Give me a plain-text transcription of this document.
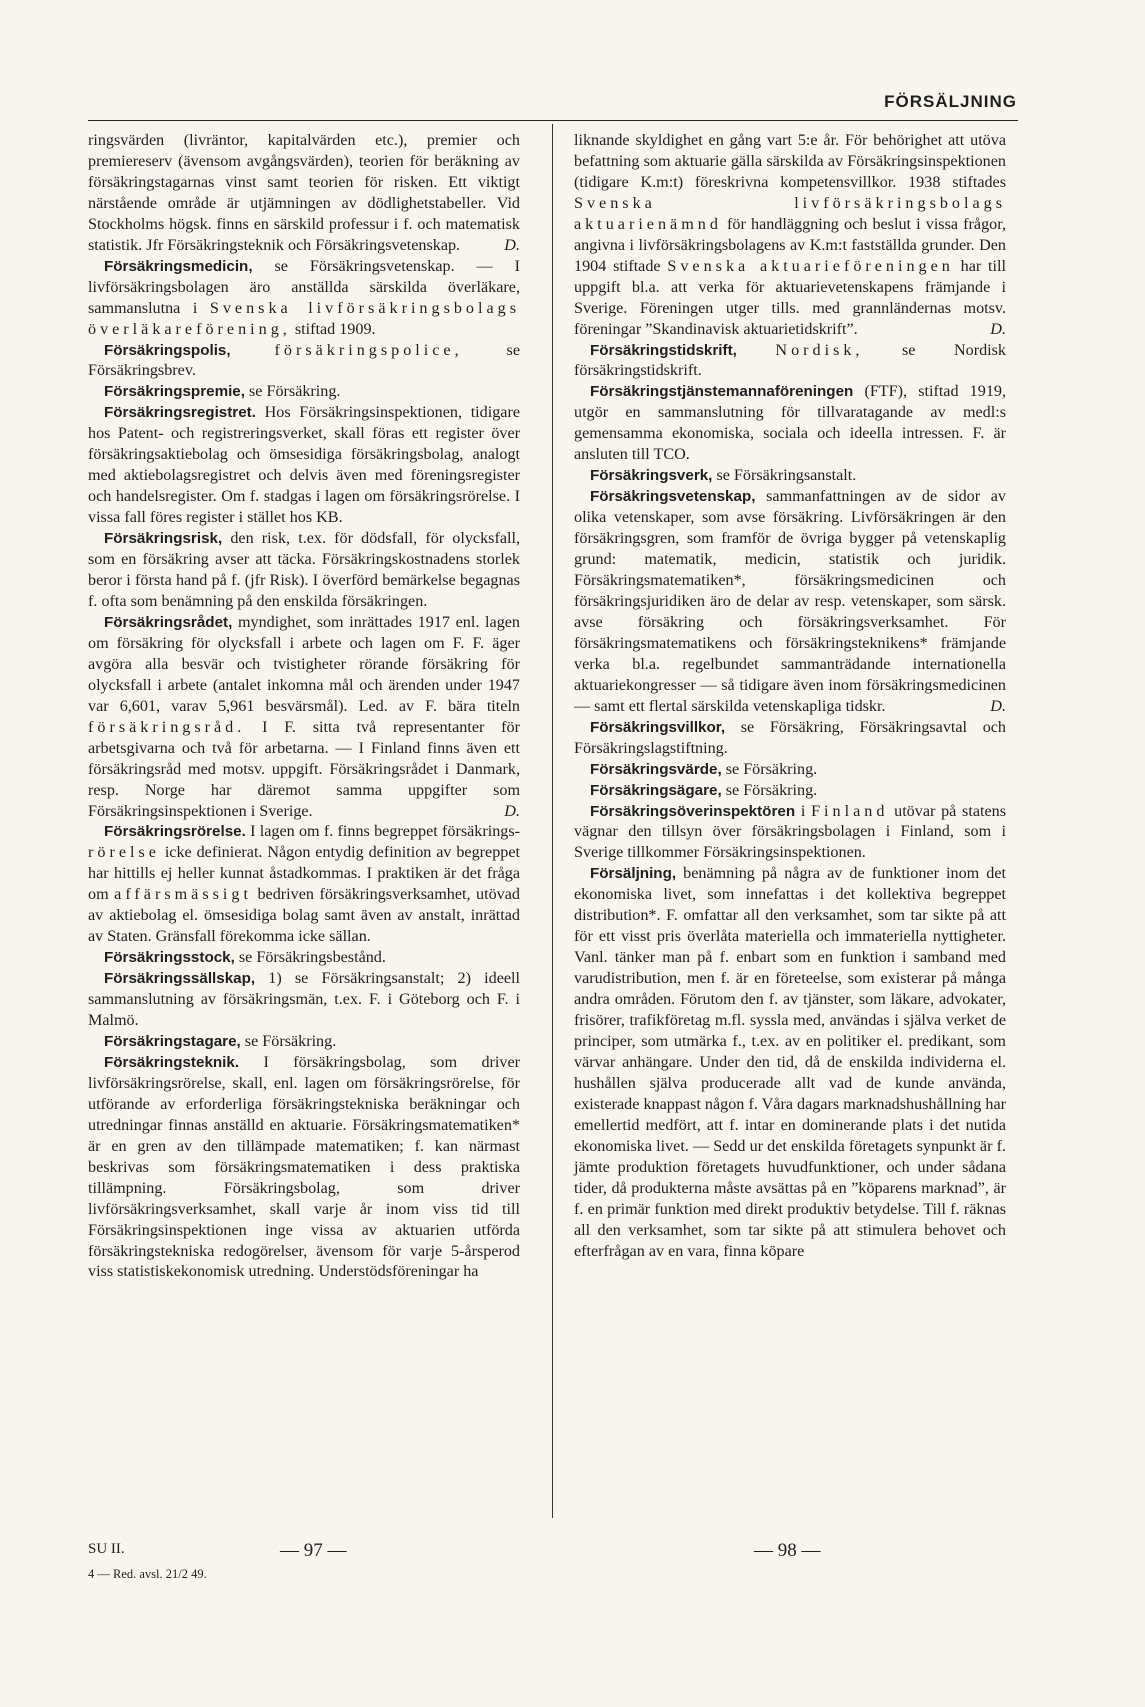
FÖRSÄLJNING

ringsvärden (livräntor, kapitalvärden etc.), premier och premiereserv (ävensom avgångsvärden), teorien för beräkning av försäkringstagarnas vinst samt teorien för risken. Ett viktigt närstående område är utjämningen av dödlighetstabeller. Vid Stockholms högsk. finns en särskild professur i f. och matematisk statistik. Jfr Försäkringsteknik och Försäkringsvetenskap.	D.

Försäkringsmedicin, se Försäkringsvetenskap. — I livförsäkringsbolagen äro anställda särskilda överläkare, sammanslutna i Svenska livförsäkringsbolags överläkareförening, stiftad 1909.

Försäkringspolis,	försäkringspolice, se Försäkringsbrev.

Försäkringspremie, se Försäkring.

Försäkringsregistret. Hos Försäkringsinspektionen, tidigare hos Patent- och registreringsverket, skall föras ett register över försäkringsaktiebolag och ömsesidiga försäkringsbolag, analogt med aktiebolagsregistret och delvis även med föreningsregister och handelsregister. Om f. stadgas i lagen om försäkringsrörelse. I vissa fall föres register i stället hos KB.

Försäkringsrisk, den risk, t.ex. för dödsfall, för olycksfall, som en försäkring avser att täcka. Försäkringskostnadens storlek beror i första hand på f. (jfr Risk). I överförd bemärkelse begagnas f. ofta som benämning på den enskilda försäkringen.

Försäkringsrådet, myndighet, som inrättades 1917 enl. lagen om försäkring för olycksfall i arbete och lagen om F. F. äger avgöra alla besvär och tvistigheter rörande försäkring för olycksfall i arbete (antalet inkomna mål och ärenden under 1947 var 6,601, varav 5,961 besvärsmål). Led. av F. bära titeln försäkringsråd. I F. sitta två representanter för arbetsgivarna och två för arbetarna. — I Finland finns även ett försäkringsråd med motsv. uppgift. Försäkringsrådet i Danmark, resp. Norge har däremot samma uppgifter som Försäkringsinspektionen i Sverige.	D.

Försäkringsrörelse. I lagen om f. finns begreppet försäkrings-rörelse icke definierat. Någon entydig definition av begreppet har hittills ej heller kunnat åstadkommas. I praktiken är det fråga om affärsmässigt bedriven försäkringsverksamhet, utövad av aktiebolag el. ömsesidiga bolag samt även av anstalt, inrättad av Staten. Gränsfall förekomma icke sällan.

Försäkringsstock, se Försäkringsbestånd.

Försäkringssällskap, 1) se Försäkringsanstalt; 2) ideell sammanslutning av försäkringsmän, t.ex. F. i Göteborg och F. i Malmö.

Försäkringstagare, se Försäkring.

Försäkringsteknik. I försäkringsbolag, som driver livförsäkringsrörelse, skall, enl. lagen om försäkringsrörelse, för utförande av erforderliga försäkringstekniska beräkningar och utredningar finnas anställd en aktuarie. Försäkringsmatematiken* är en gren av den tillämpade matematiken; f. kan närmast beskrivas som försäkringsmatematiken i dess praktiska tillämpning. Försäkringsbolag, som driver livförsäkringsverksamhet, skall varje år inom viss tid till Försäkringsinspektionen inge vissa av aktuarien utförda försäkringstekniska redogörelser, ävensom för varje 5-årsperod viss statistiskekonomisk utredning. Understödsföreningar ha

liknande skyldighet en gång vart 5:e år. För behörighet att utöva befattning som aktuarie gälla särskilda av Försäkringsinspektionen (tidigare K.m:t) föreskrivna kompetensvillkor. 1938 stiftades Svenska livförsäkringsbolags aktuarienämnd för handläggning och beslut i vissa frågor, angivna i livförsäkringsbolagens av K.m:t fastställda grunder. Den 1904 stiftade Svenska aktuarieföreningen har till uppgift bl.a. att verka för aktuarievetenskapens främjande i Sverige. Föreningen utger tills. med grannländernas motsv. föreningar ”Skandinavisk aktuarietidskrift”.	D.

Försäkringstidskrift, Nordisk, se Nordisk försäkringstidskrift.

Försäkringstjänstemannaföreningen (FTF), stiftad 1919, utgör en sammanslutning för tillvaratagande av medl:s gemensamma ekonomiska, sociala och ideella intressen. F. är ansluten till TCO.

Försäkringsverk, se Försäkringsanstalt.

Försäkringsvetenskap, sammanfattningen av de sidor av olika vetenskaper, som avse försäkring. Livförsäkringen är den försäkringsgren, som framför de övriga bygger på vetenskaplig grund: matematik, medicin, statistik och juridik. Försäkringsmatematiken*, försäkringsmedicinen och försäkringsjuridiken äro de delar av resp. vetenskaper, som särsk. avse försäkring och försäkringsverksamhet. För försäkringsmatematikens och försäkringsteknikens* främjande verka bl.a. regelbundet sammanträdande internationella aktuariekongresser — så tidigare även inom försäkringsmedicinen — samt ett flertal särskilda vetenskapliga tidskr.	D.

Försäkringsvillkor, se Försäkring, Försäkringsavtal och Försäkringslagstiftning.

Försäkringsvärde, se Försäkring.

Försäkringsägare, se Försäkring.

Försäkringsöverinspektören i Finland utövar på statens vägnar den tillsyn över försäkringsbolagen i Finland, som i Sverige tillkommer Försäkringsinspektionen.

Försäljning, benämning på några av de funktioner inom det ekonomiska livet, som innefattas i det kollektiva begreppet distribution*. F. omfattar all den verksamhet, som tar sikte på att för ett visst pris överlåta materiella och immateriella nyttigheter. Vanl. tänker man på f. enbart som en funktion i samband med varudistribution, men f. är en företeelse, som existerar på många andra områden. Förutom den f. av tjänster, som läkare, advokater, frisörer, trafikföretag m.fl. syssla med, användas i själva verket de principer, som utmärka f., t.ex. av en politiker el. predikant, som värvar anhängare. Under den tid, då de enskilda individerna el. hushållen själva producerade allt vad de kunde använda, existerade knappast någon f. Våra dagars marknadshushållning har emellertid medfört, att f. intar en dominerande plats i det nutida ekonomiska livet. — Sedd ur det enskilda företagets synpunkt är f. jämte produktion företagets huvudfunktioner, och under sådana tider, då produkterna måste avsättas på en ”köparens marknad”, är f. en primär funktion med direkt produktiv betydelse. Till f. räknas all den verksamhet, som tar sikte på att stimulera behovet och efterfrågan av en vara, finna köpare

SU II.
4 — Red. avsl. 21/2 49.
— 97 —	— 98 —
